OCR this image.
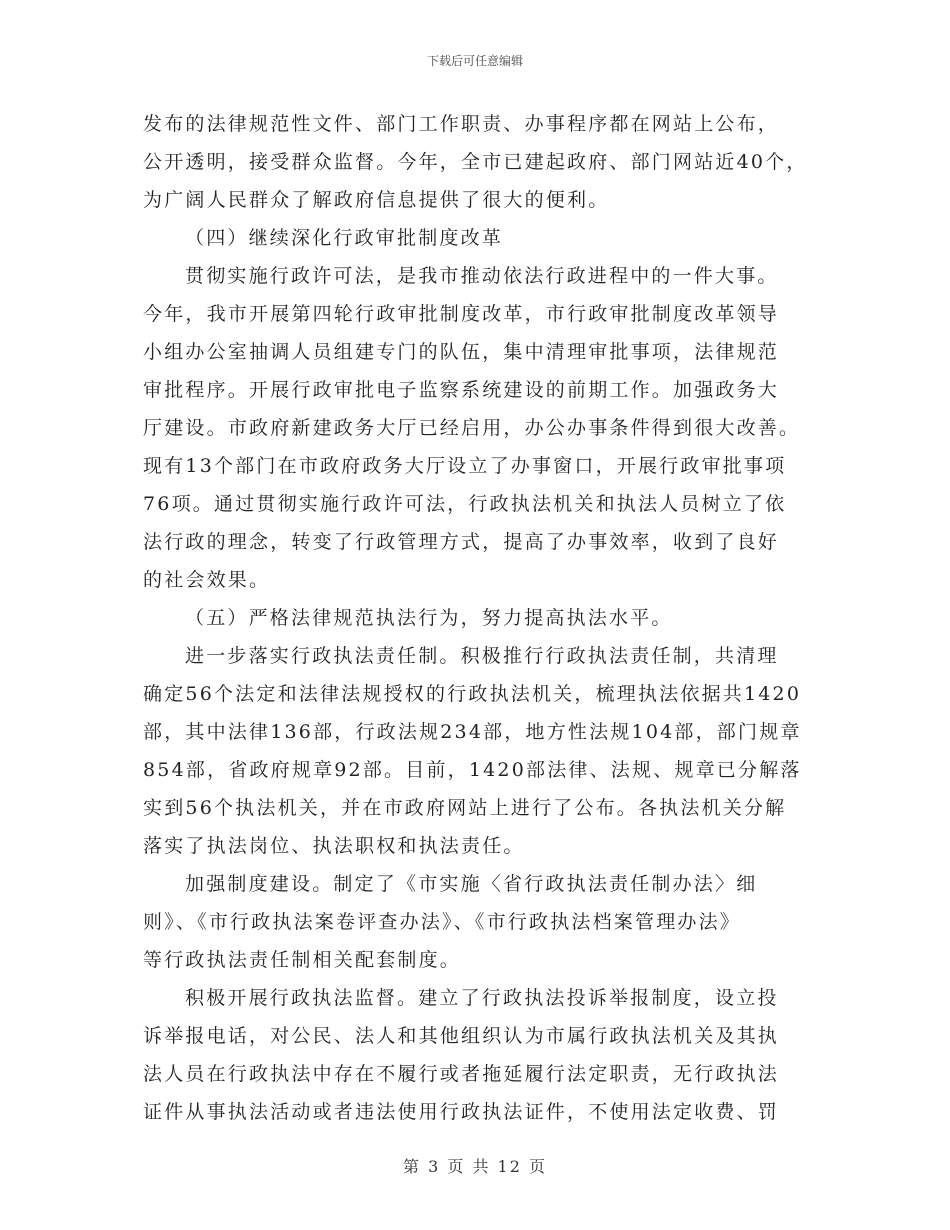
下载后可任意编辑

发布的法律规范性文件、部门工作职责、办事程序都在网站上公布，

公开透明，接受群众监督。今年，全市已建起政府、部门网站近40个，

为广阔人民群众了解政府信息提供了很大的便利。

（四）继续深化行政审批制度改革

贯彻实施行政许可法，是我市推动依法行政进程中的一件大事。

今年，我市开展第四轮行政审批制度改革，市行政审批制度改革领导

小组办公室抽调人员组建专门的队伍，集中清理审批事项，法律规范

审批程序。开展行政审批电子监察系统建设的前期工作。加强政务大

厅建设。市政府新建政务大厅已经启用，办公办事条件得到很大改善。

现有13个部门在市政府政务大厅设立了办事窗口，开展行政审批事项

76项。通过贯彻实施行政许可法，行政执法机关和执法人员树立了依

法行政的理念，转变了行政管理方式，提高了办事效率，收到了良好

的社会效果。

（五）严格法律规范执法行为，努力提高执法水平。

进一步落实行政执法责任制。积极推行行政执法责任制，共清理

确定56个法定和法律法规授权的行政执法机关，梳理执法依据共1420

部，其中法律136部，行政法规234部，地方性法规104部，部门规章

854部，省政府规章92部。目前，1420部法律、法规、规章已分解落

实到56个执法机关，并在市政府网站上进行了公布。各执法机关分解

落实了执法岗位、执法职权和执法责任。

加强制度建设。制定了《市实施〈省行政执法责任制办法〉细

则》、《市行政执法案卷评查办法》、《市行政执法档案管理办法》

等行政执法责任制相关配套制度。

积极开展行政执法监督。建立了行政执法投诉举报制度，设立投

诉举报电话，对公民、法人和其他组织认为市属行政执法机关及其执

法人员在行政执法中存在不履行或者拖延履行法定职责，无行政执法

证件从事执法活动或者违法使用行政执法证件，不使用法定收费、罚

第 3 页 共 12 页
